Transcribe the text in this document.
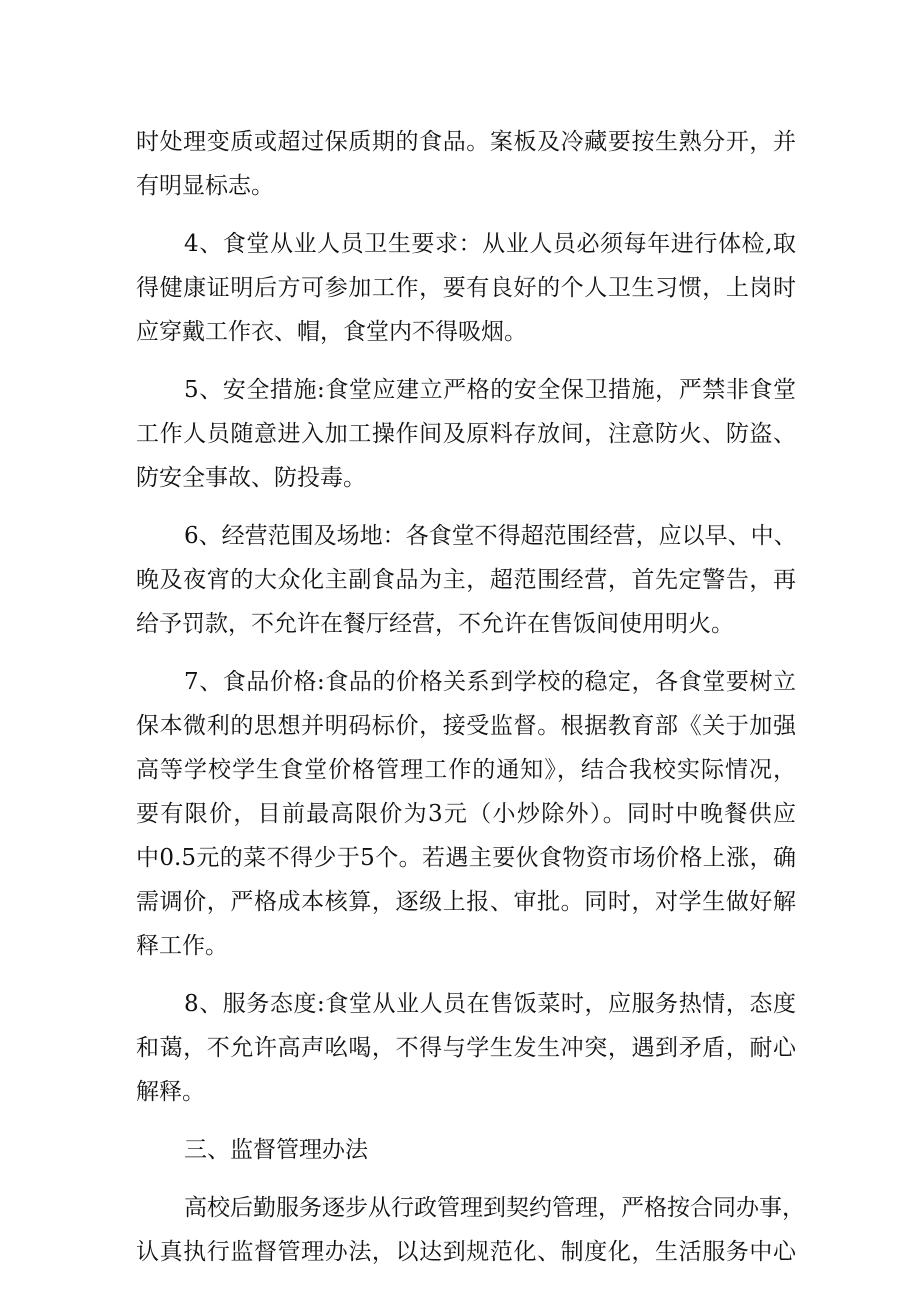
时处理变质或超过保质期的食品。案板及冷藏要按生熟分开，并
有明显标志。
4、食堂从业人员卫生要求：从业人员必须每年进行体检,取
得健康证明后方可参加工作，要有良好的个人卫生习惯，上岗时
应穿戴工作衣、帽，食堂内不得吸烟。
5、安全措施:食堂应建立严格的安全保卫措施，严禁非食堂
工作人员随意进入加工操作间及原料存放间，注意防火、防盗、
防安全事故、防投毒。
6、经营范围及场地：各食堂不得超范围经营，应以早、中、
晚及夜宵的大众化主副食品为主，超范围经营，首先定警告，再
给予罚款，不允许在餐厅经营，不允许在售饭间使用明火。
7、食品价格:食品的价格关系到学校的稳定，各食堂要树立
保本微利的思想并明码标价，接受监督。根据教育部《关于加强
高等学校学生食堂价格管理工作的通知》，结合我校实际情况，
要有限价，目前最高限价为3元（小炒除外）。同时中晚餐供应
中0.5元的菜不得少于5个。若遇主要伙食物资市场价格上涨，确
需调价，严格成本核算，逐级上报、审批。同时，对学生做好解
释工作。
8、服务态度:食堂从业人员在售饭菜时，应服务热情，态度
和蔼，不允许高声吆喝，不得与学生发生冲突，遇到矛盾，耐心
解释。
三、监督管理办法
高校后勤服务逐步从行政管理到契约管理，严格按合同办事，
认真执行监督管理办法，以达到规范化、制度化，生活服务中心
